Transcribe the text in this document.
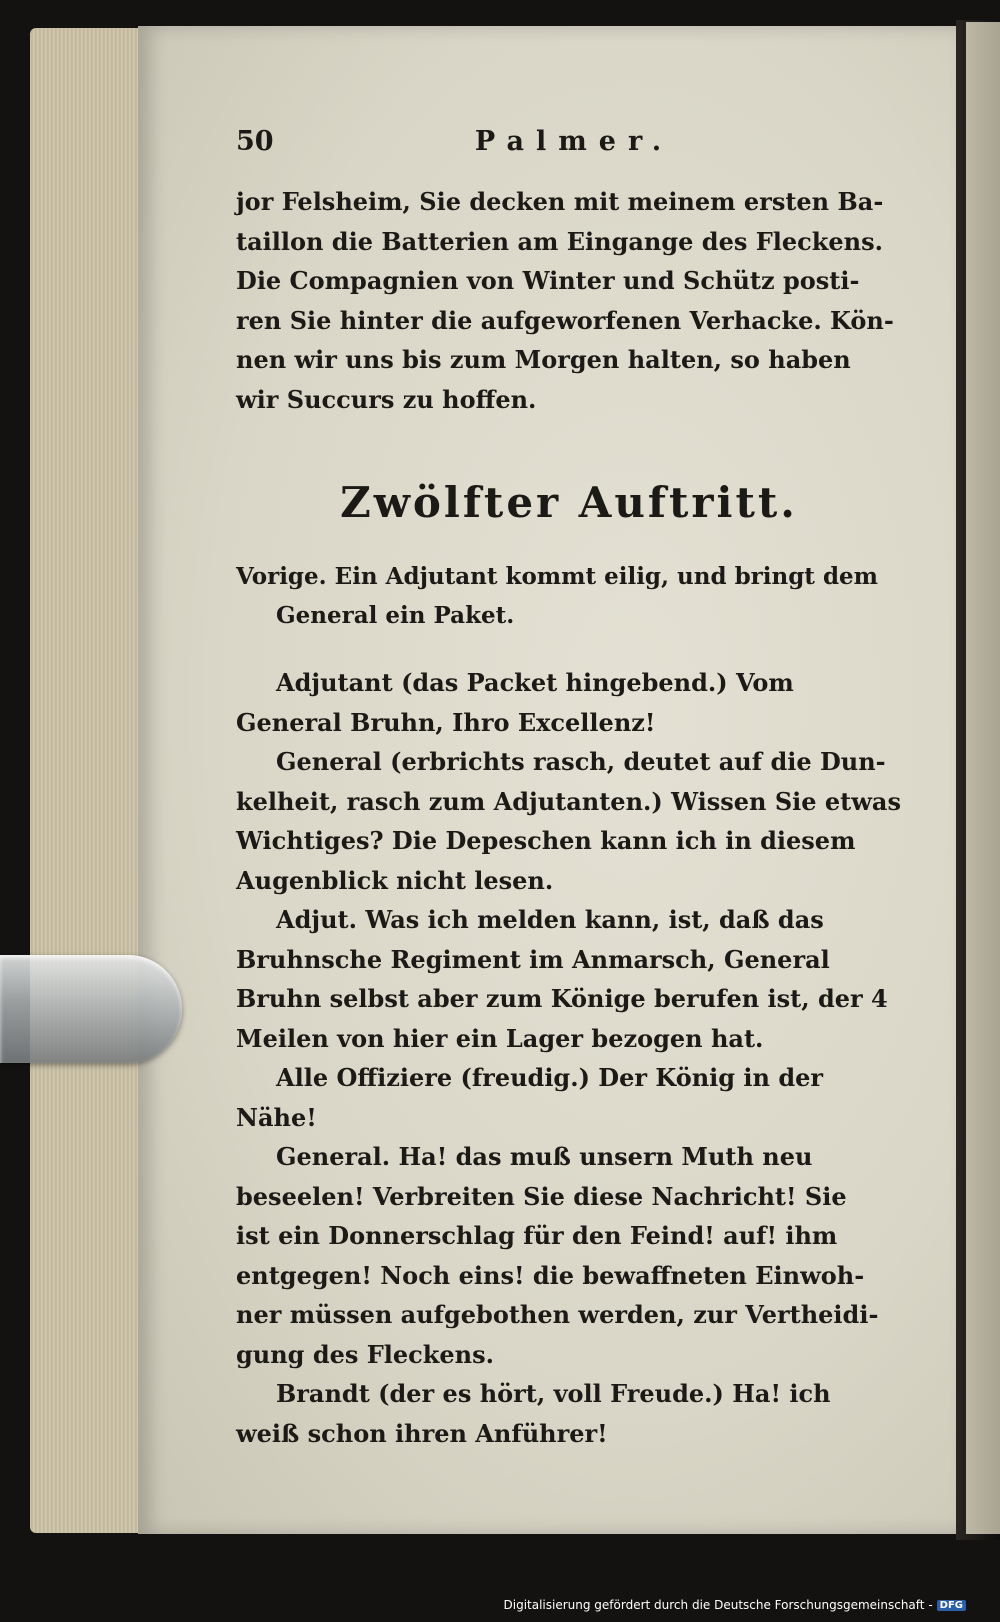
50	Palmer.
jor Felsheim, Sie decken mit meinem ersten Ba-
taillon die Batterien am Eingange des Fleckens.
Die Compagnien von Winter und Schütz posti-
ren Sie hinter die aufgeworfenen Verhacke. Kön-
nen wir uns bis zum Morgen halten, so haben
wir Succurs zu hoffen.
Zwölfter Auftritt.
Vorige. Ein Adjutant kommt eilig, und bringt dem
General ein Paket.
Adjutant (das Packet hingebend.) Vom
General Bruhn, Ihro Excellenz!
General (erbrichts rasch, deutet auf die Dun-
kelheit, rasch zum Adjutanten.) Wissen Sie etwas
Wichtiges? Die Depeschen kann ich in diesem
Augenblick nicht lesen.
Adjut. Was ich melden kann, ist, daß das
Bruhnsche Regiment im Anmarsch, General
Bruhn selbst aber zum Könige berufen ist, der 4
Meilen von hier ein Lager bezogen hat.
Alle Offiziere (freudig.) Der König in der
Nähe!
General. Ha! das muß unsern Muth neu
beseelen! Verbreiten Sie diese Nachricht! Sie
ist ein Donnerschlag für den Feind! auf! ihm
entgegen! Noch eins! die bewaffneten Einwoh-
ner müssen aufgebothen werden, zur Vertheidi-
gung des Fleckens.
Brandt (der es hört, voll Freude.) Ha! ich
weiß schon ihren Anführer!
Digitalisierung gefördert durch die Deutsche Forschungsgemeinschaft - DFG
